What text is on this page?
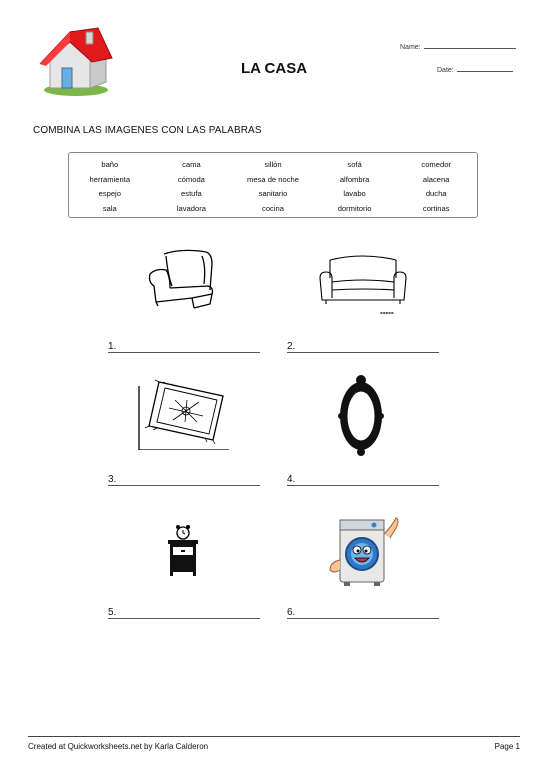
LA CASA
Name:
Date:
COMBINA LAS IMAGENES CON LAS PALABRAS
baño	cama	sillón	sofá	comedor
herramienta	cómoda	mesa de noche	alfombra	alacena
espejo	estufa	sanitario	lavabo	ducha
sala	lavadora	cocina	dormitorio	cortinas
▪▪▪▪▪
1.	2.
3.	4.
5.	6.
Created at Quickworksheets.net by Karla Calderon	Page 1
